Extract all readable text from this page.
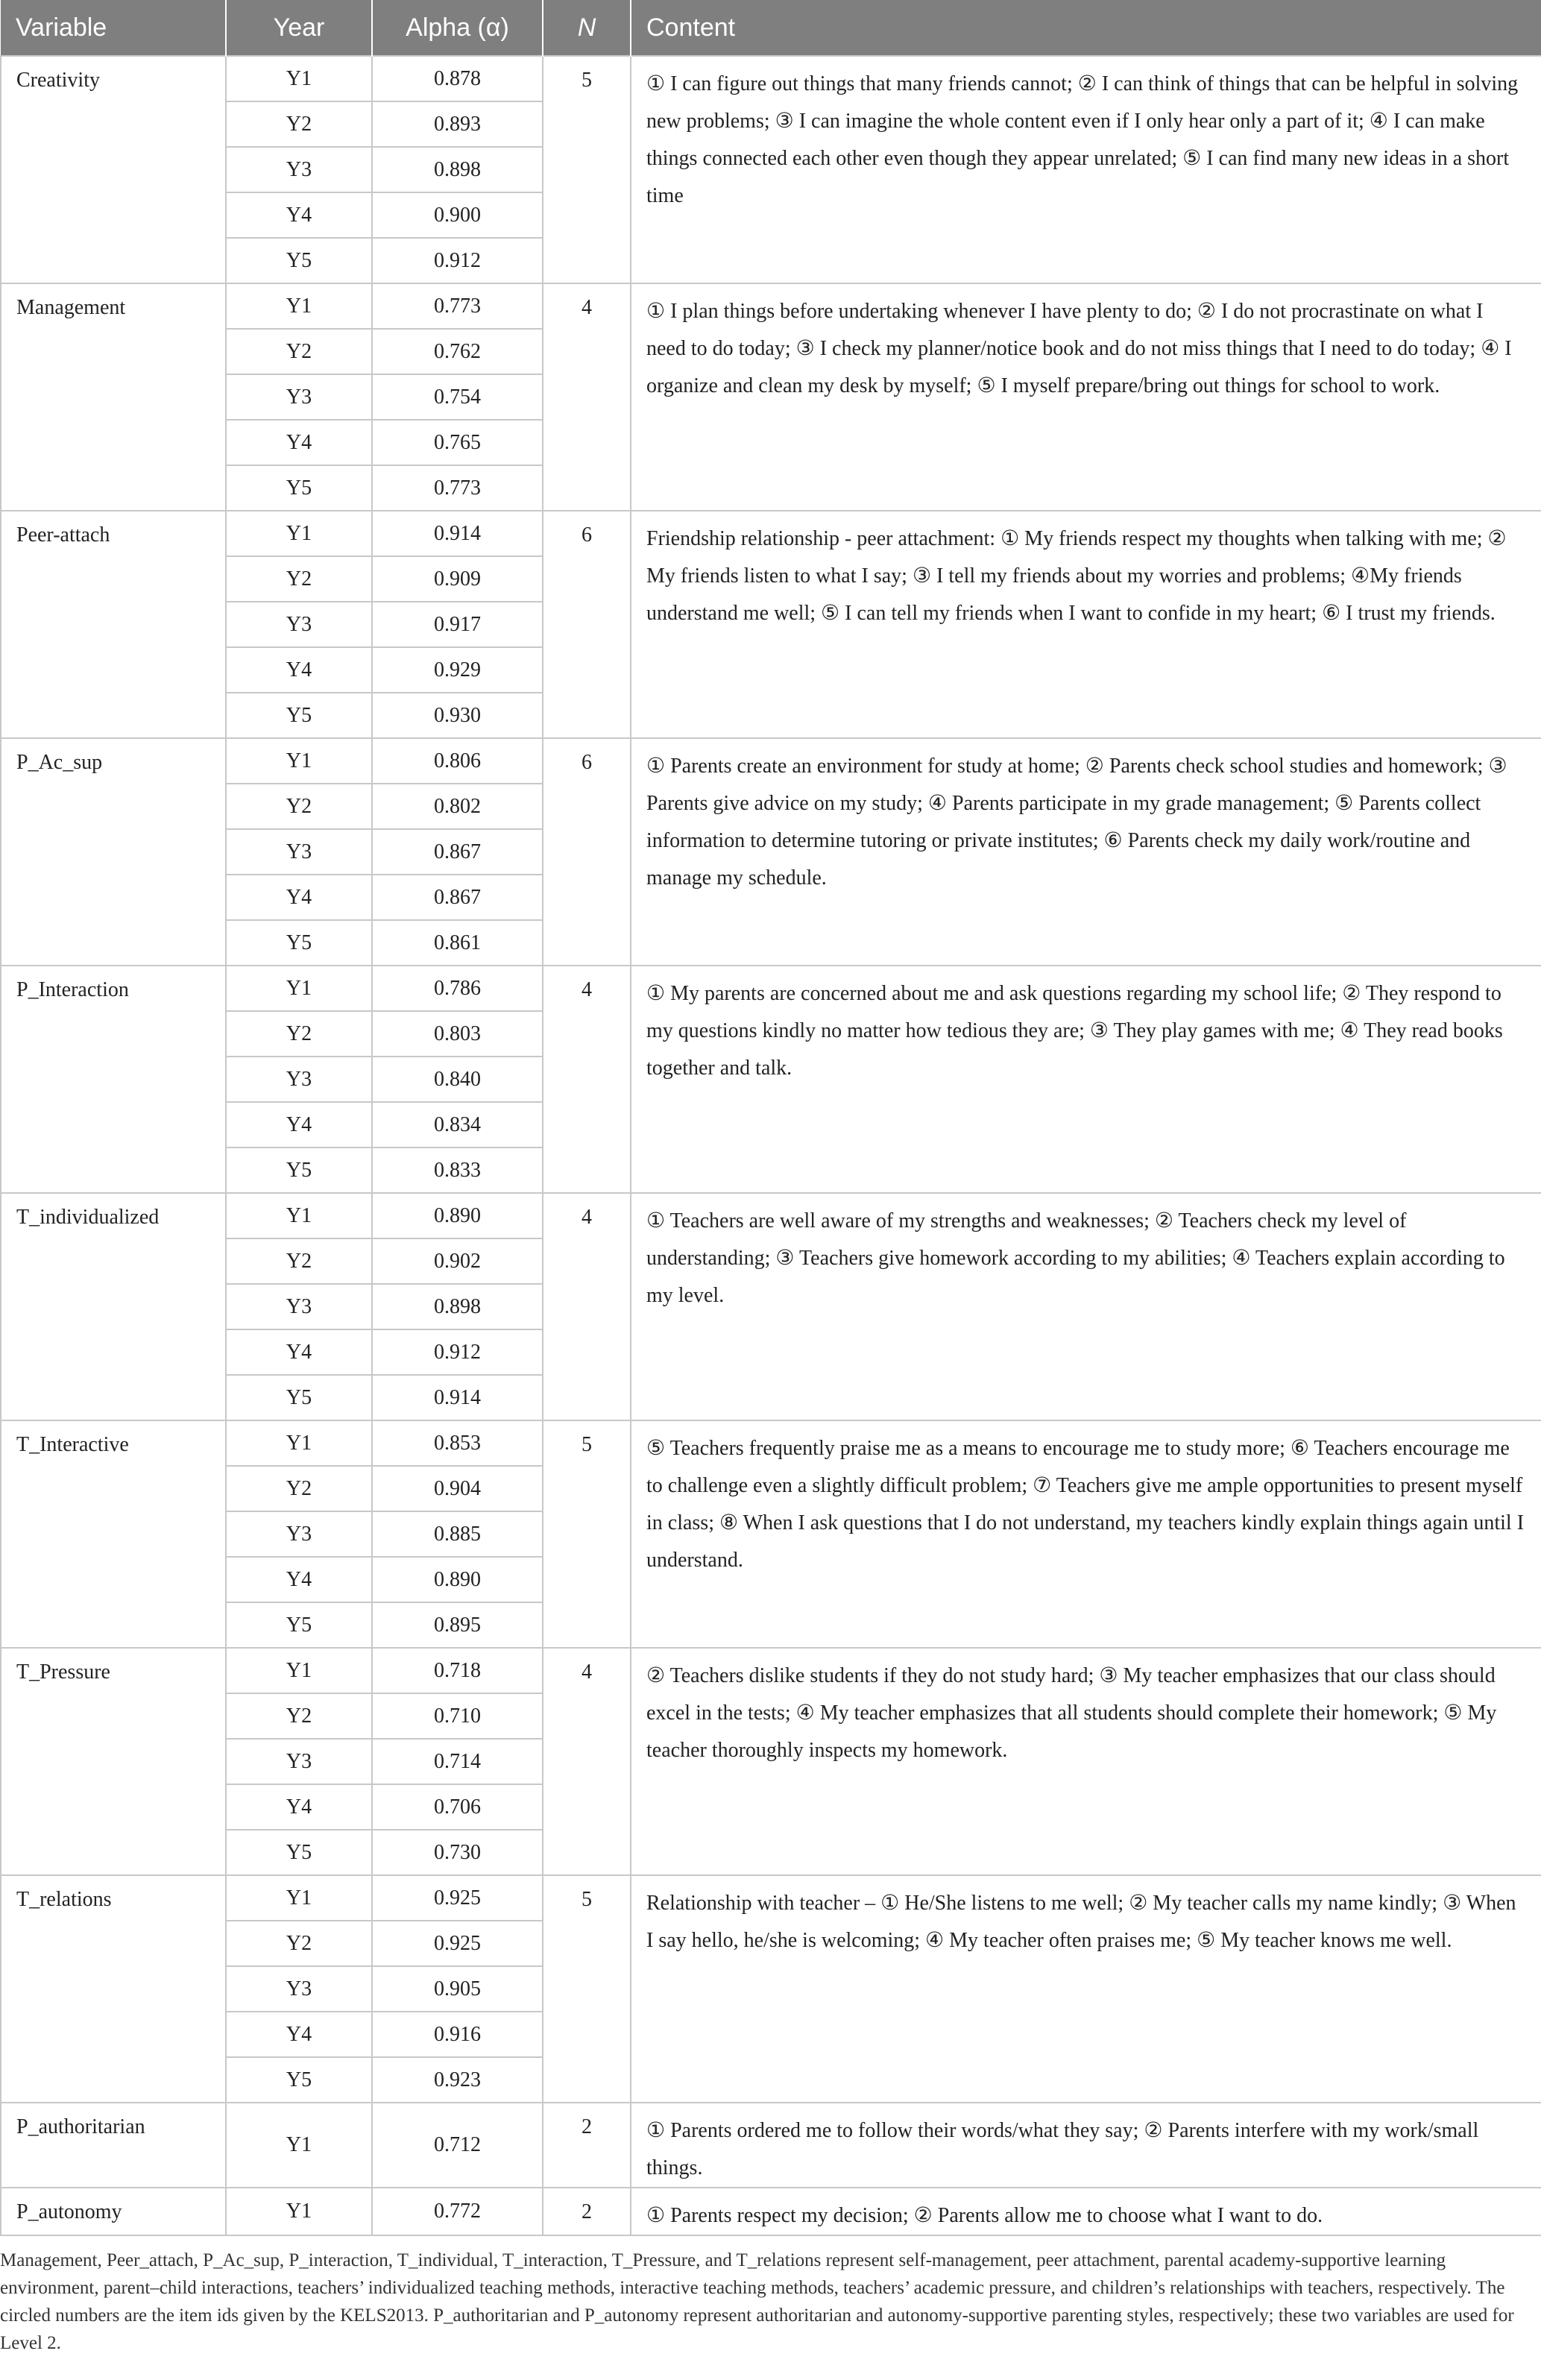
Variable	Year	Alpha (α)	N	Content
Creativity	Y1	0.878	5	① I can figure out things that many friends cannot; ② I can think of things that can be helpful in solving new problems; ③ I can imagine the whole content even if I only hear only a part of it; ④ I can make things connected each other even though they appear unrelated; ⑤ I can find many new ideas in a short time
	Y2	0.893		
	Y3	0.898		
	Y4	0.900		
	Y5	0.912		
Management	Y1	0.773	4	① I plan things before undertaking whenever I have plenty to do; ② I do not procrastinate on what I need to do today; ③ I check my planner/notice book and do not miss things that I need to do today; ④ I organize and clean my desk by myself; ⑤ I myself prepare/bring out things for school to work.
	Y2	0.762		
	Y3	0.754		
	Y4	0.765		
	Y5	0.773		
Peer-attach	Y1	0.914	6	Friendship relationship - peer attachment: ① My friends respect my thoughts when talking with me; ② My friends listen to what I say; ③ I tell my friends about my worries and problems; ④My friends understand me well; ⑤ I can tell my friends when I want to confide in my heart; ⑥ I trust my friends.
	Y2	0.909		
	Y3	0.917		
	Y4	0.929		
	Y5	0.930		
P_Ac_sup	Y1	0.806	6	① Parents create an environment for study at home; ② Parents check school studies and homework; ③ Parents give advice on my study; ④ Parents participate in my grade management; ⑤ Parents collect information to determine tutoring or private institutes; ⑥ Parents check my daily work/routine and manage my schedule.
	Y2	0.802		
	Y3	0.867		
	Y4	0.867		
	Y5	0.861		
P_Interaction	Y1	0.786	4	① My parents are concerned about me and ask questions regarding my school life; ② They respond to my questions kindly no matter how tedious they are; ③ They play games with me; ④ They read books together and talk.
	Y2	0.803		
	Y3	0.840		
	Y4	0.834		
	Y5	0.833		
T_individualized	Y1	0.890	4	① Teachers are well aware of my strengths and weaknesses; ② Teachers check my level of understanding; ③ Teachers give homework according to my abilities; ④ Teachers explain according to my level.
	Y2	0.902		
	Y3	0.898		
	Y4	0.912		
	Y5	0.914		
T_Interactive	Y1	0.853	5	⑤ Teachers frequently praise me as a means to encourage me to study more; ⑥ Teachers encourage me to challenge even a slightly difficult problem; ⑦ Teachers give me ample opportunities to present myself in class; ⑧ When I ask questions that I do not understand, my teachers kindly explain things again until I understand.
	Y2	0.904		
	Y3	0.885		
	Y4	0.890		
	Y5	0.895		
T_Pressure	Y1	0.718	4	② Teachers dislike students if they do not study hard; ③ My teacher emphasizes that our class should excel in the tests; ④ My teacher emphasizes that all students should complete their homework; ⑤ My teacher thoroughly inspects my homework.
	Y2	0.710		
	Y3	0.714		
	Y4	0.706		
	Y5	0.730		
T_relations	Y1	0.925	5	Relationship with teacher – ① He/She listens to me well; ② My teacher calls my name kindly; ③ When I say hello, he/she is welcoming; ④ My teacher often praises me; ⑤ My teacher knows me well.
	Y2	0.925		
	Y3	0.905		
	Y4	0.916		
	Y5	0.923		
P_authoritarian	Y1	0.712	2	① Parents ordered me to follow their words/what they say; ② Parents interfere with my work/small things.
P_autonomy	Y1	0.772	2	① Parents respect my decision; ② Parents allow me to choose what I want to do.
Management, Peer_attach, P_Ac_sup, P_interaction, T_individual, T_interaction, T_Pressure, and T_relations represent self-management, peer attachment, parental academy-supportive learning environment, parent–child interactions, teachers’ individualized teaching methods, interactive teaching methods, teachers’ academic pressure, and children’s relationships with teachers, respectively. The circled numbers are the item ids given by the KELS2013. P_authoritarian and P_autonomy represent authoritarian and autonomy-supportive parenting styles, respectively; these two variables are used for Level 2.
